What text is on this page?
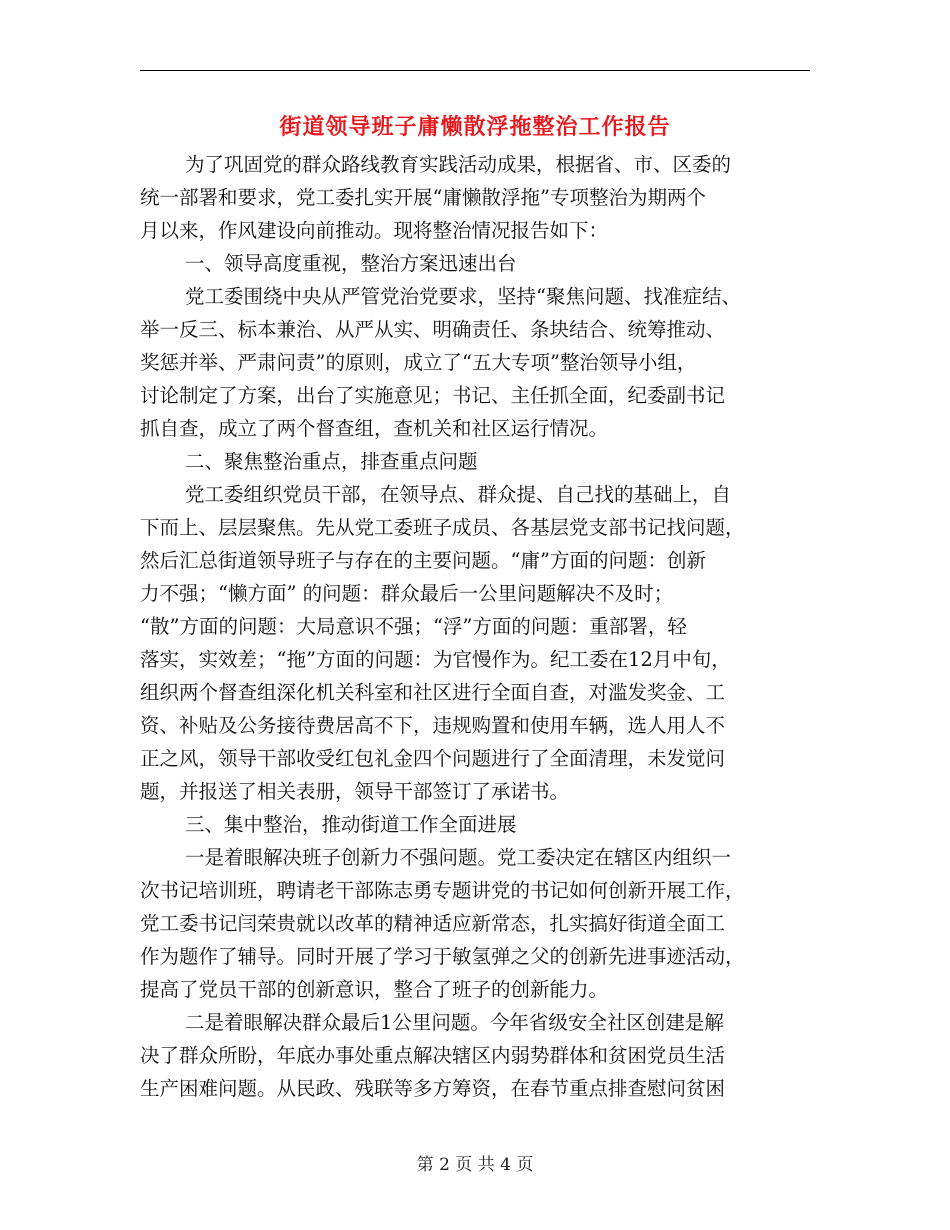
街道领导班子庸懒散浮拖整治工作报告
为了巩固党的群众路线教育实践活动成果，根据省、市、区委的
统一部署和要求，党工委扎实开展“庸懒散浮拖”专项整治为期两个
月以来，作风建设向前推动。现将整治情况报告如下：
一、领导高度重视，整治方案迅速出台
党工委围绕中央从严管党治党要求，坚持“聚焦问题、找准症结、
举一反三、标本兼治、从严从实、明确责任、条块结合、统筹推动、
奖惩并举、严肃问责”的原则，成立了“五大专项”整治领导小组，
讨论制定了方案，出台了实施意见；书记、主任抓全面，纪委副书记
抓自查，成立了两个督查组，查机关和社区运行情况。
二、聚焦整治重点，排查重点问题
党工委组织党员干部，在领导点、群众提、自己找的基础上，自
下而上、层层聚焦。先从党工委班子成员、各基层党支部书记找问题，
然后汇总街道领导班子与存在的主要问题。“庸”方面的问题：创新
力不强；“懒方面” 的问题：群众最后一公里问题解决不及时；
“散”方面的问题：大局意识不强；“浮”方面的问题：重部署，轻
落实，实效差；“拖”方面的问题：为官慢作为。纪工委在12月中旬，
组织两个督查组深化机关科室和社区进行全面自查，对滥发奖金、工
资、补贴及公务接待费居高不下，违规购置和使用车辆，选人用人不
正之风，领导干部收受红包礼金四个问题进行了全面清理，未发觉问
题，并报送了相关表册，领导干部签订了承诺书。
三、集中整治，推动街道工作全面进展
一是着眼解决班子创新力不强问题。党工委决定在辖区内组织一
次书记培训班，聘请老干部陈志勇专题讲党的书记如何创新开展工作，
党工委书记闫荣贵就以改革的精神适应新常态，扎实搞好街道全面工
作为题作了辅导。同时开展了学习于敏氢弹之父的创新先进事迹活动，
提高了党员干部的创新意识，整合了班子的创新能力。
二是着眼解决群众最后1公里问题。今年省级安全社区创建是解
决了群众所盼，年底办事处重点解决辖区内弱势群体和贫困党员生活
生产困难问题。从民政、残联等多方筹资，在春节重点排查慰问贫困
第 2 页 共 4 页
